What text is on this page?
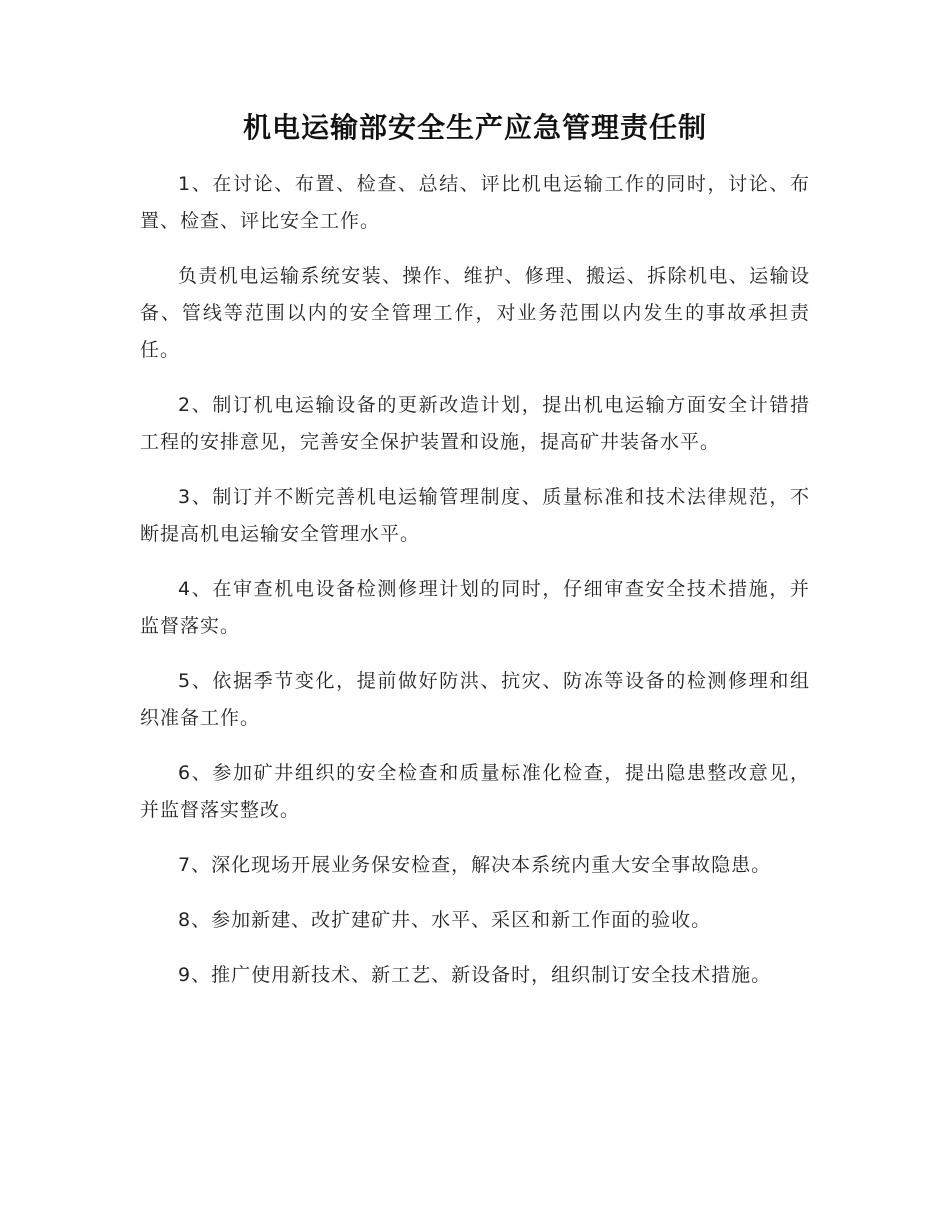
机电运输部安全生产应急管理责任制

1、在讨论、布置、检查、总结、评比机电运输工作的同时，讨论、布置、检查、评比安全工作。

负责机电运输系统安装、操作、维护、修理、搬运、拆除机电、运输设备、管线等范围以内的安全管理工作，对业务范围以内发生的事故承担责任。

2、制订机电运输设备的更新改造计划，提出机电运输方面安全计错措工程的安排意见，完善安全保护装置和设施，提高矿井装备水平。

3、制订并不断完善机电运输管理制度、质量标准和技术法律规范，不断提高机电运输安全管理水平。

4、在审查机电设备检测修理计划的同时，仔细审查安全技术措施，并监督落实。

5、依据季节变化，提前做好防洪、抗灾、防冻等设备的检测修理和组织准备工作。

6、参加矿井组织的安全检查和质量标准化检查，提出隐患整改意见，并监督落实整改。

7、深化现场开展业务保安检查，解决本系统内重大安全事故隐患。

8、参加新建、改扩建矿井、水平、采区和新工作面的验收。

9、推广使用新技术、新工艺、新设备时，组织制订安全技术措施。
